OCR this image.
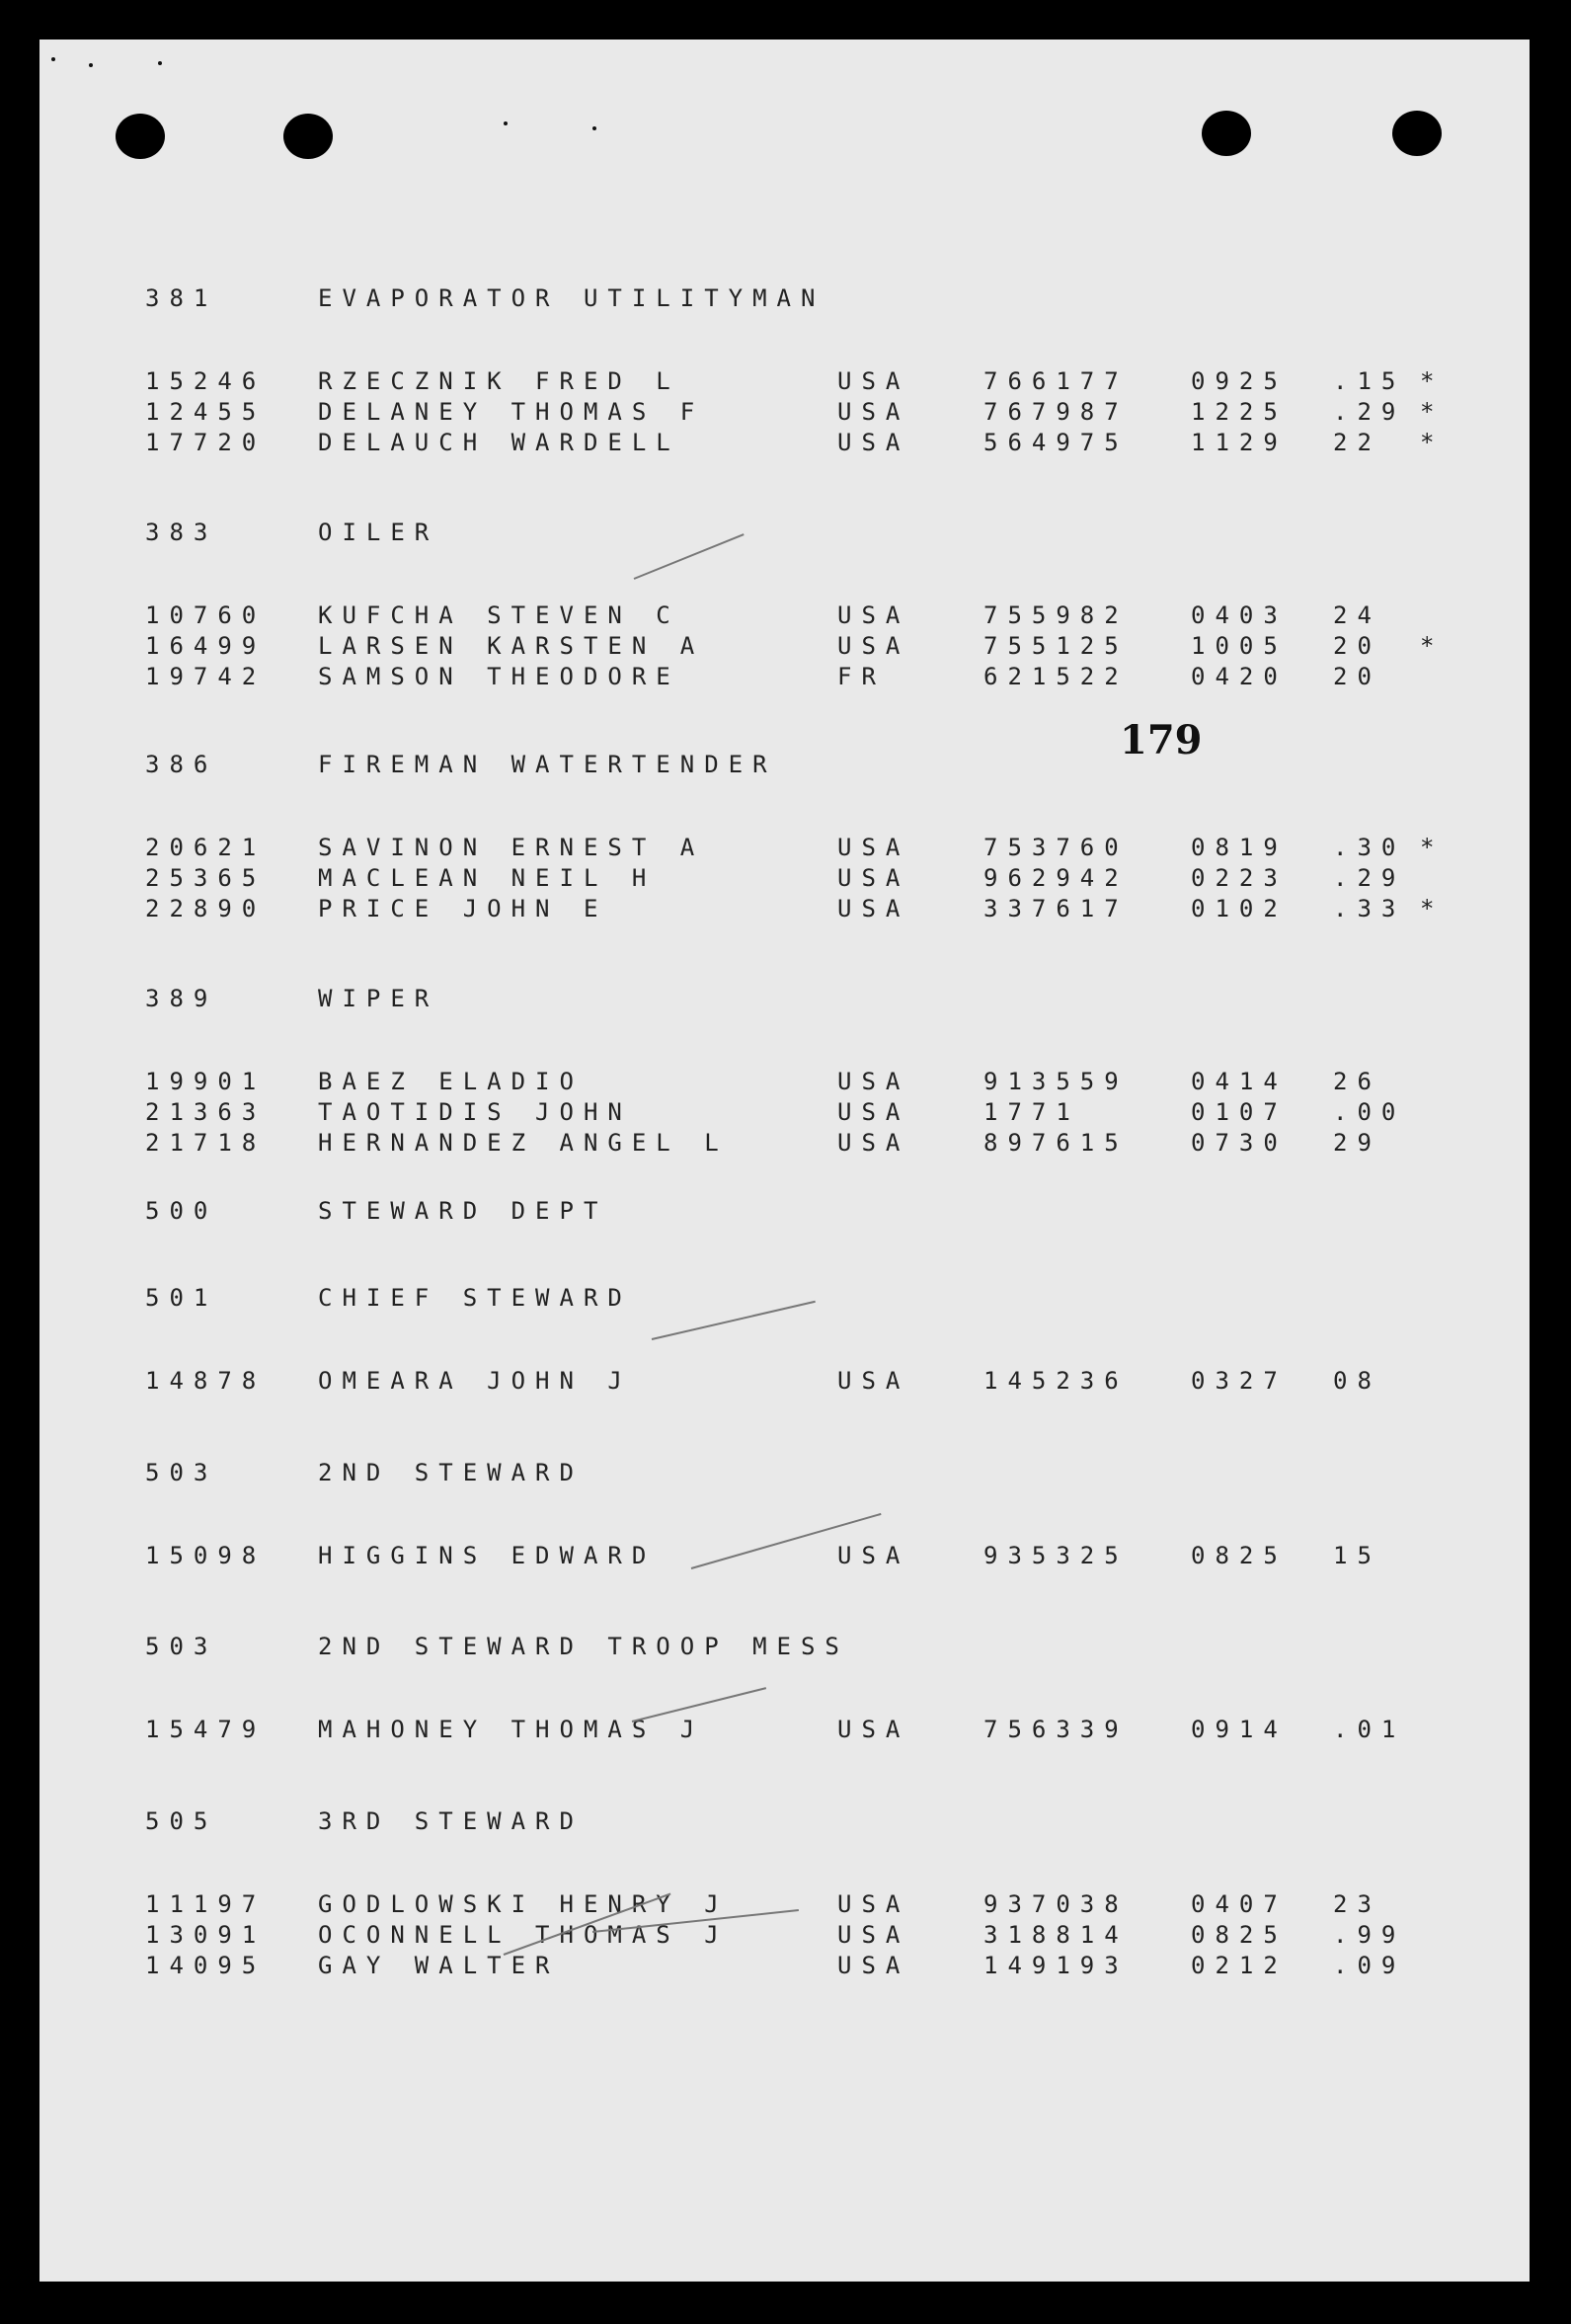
179
381	EVAPORATOR UTILITYMAN
15246 RZECZNIK FRED L	USA	766177	0925 .15 *
12455 DELANEY THOMAS F	USA	767987	1225 .29 *
17720 DELAUCH WARDELL	USA	564975	1129 22 *
383	OILER
10760 KUFCHA STEVEN C	USA	755982	0403 24
16499 LARSEN KARSTEN A	USA	755125	1005 20 *
19742 SAMSON THEODORE	FR	621522	0420 20
386	FIREMAN WATERTENDER
20621 SAVINON ERNEST A	USA	753760	0819 .30 *
25365 MACLEAN NEIL H	USA	962942	0223 .29
22890 PRICE JOHN E	USA	337617	0102 .33 *
389	WIPER
19901 BAEZ ELADIO	USA	913559	0414 26
21363 TAOTIDIS JOHN	USA	1771	0107 .00
21718 HERNANDEZ ANGEL L	USA	897615	0730 29
500	STEWARD DEPT
501	CHIEF STEWARD
14878 OMEARA JOHN J	USA	145236	0327 08
503	2ND STEWARD
15098 HIGGINS EDWARD	USA	935325	0825 15
503	2ND STEWARD TROOP MESS
15479 MAHONEY THOMAS J	USA	756339	0914 .01
505	3RD STEWARD
11197 GODLOWSKI HENRY J	USA	937038	0407 23
13091 OCONNELL THOMAS J	USA	318814	0825 .99
14095 GAY WALTER	USA	149193	0212 .09
